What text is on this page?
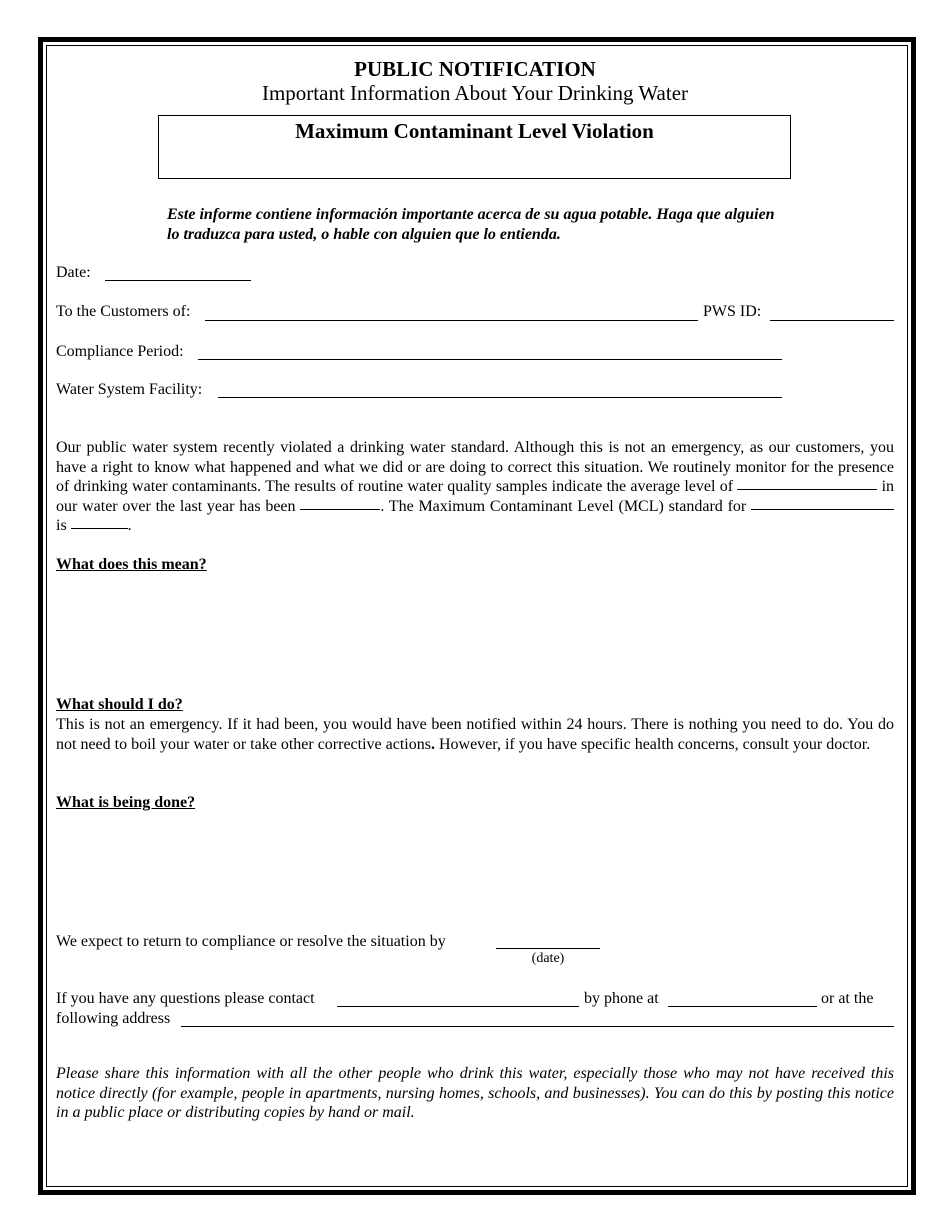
PUBLIC NOTIFICATION
Important Information About Your Drinking Water
Maximum Contaminant Level Violation
Este informe contiene información importante acerca de su agua potable. Haga que alguien lo traduzca para usted, o hable con alguien que lo entienda.
Date:
To the Customers of:	PWS ID:
Compliance Period:
Water System Facility:
Our public water system recently violated a drinking water standard. Although this is not an emergency, as our customers, you have a right to know what happened and what we did or are doing to correct this situation. We routinely monitor for the presence of drinking water contaminants. The results of routine water quality samples indicate the average level of	in our water over the last year has been	. The Maximum Contaminant Level (MCL) standard for  is	.
What does this mean?
What should I do?
This is not an emergency. If it had been, you would have been notified within 24 hours. There is nothing you need to do. You do not need to boil your water or take other corrective actions. However, if you have specific health concerns, consult your doctor.
What is being done?
We expect to return to compliance or resolve the situation by
(date)
If you have any questions please contact	by phone at	or at the
following address
Please share this information with all the other people who drink this water, especially those who may not have received this notice directly (for example, people in apartments, nursing homes, schools, and businesses). You can do this by posting this notice in a public place or distributing copies by hand or mail.
